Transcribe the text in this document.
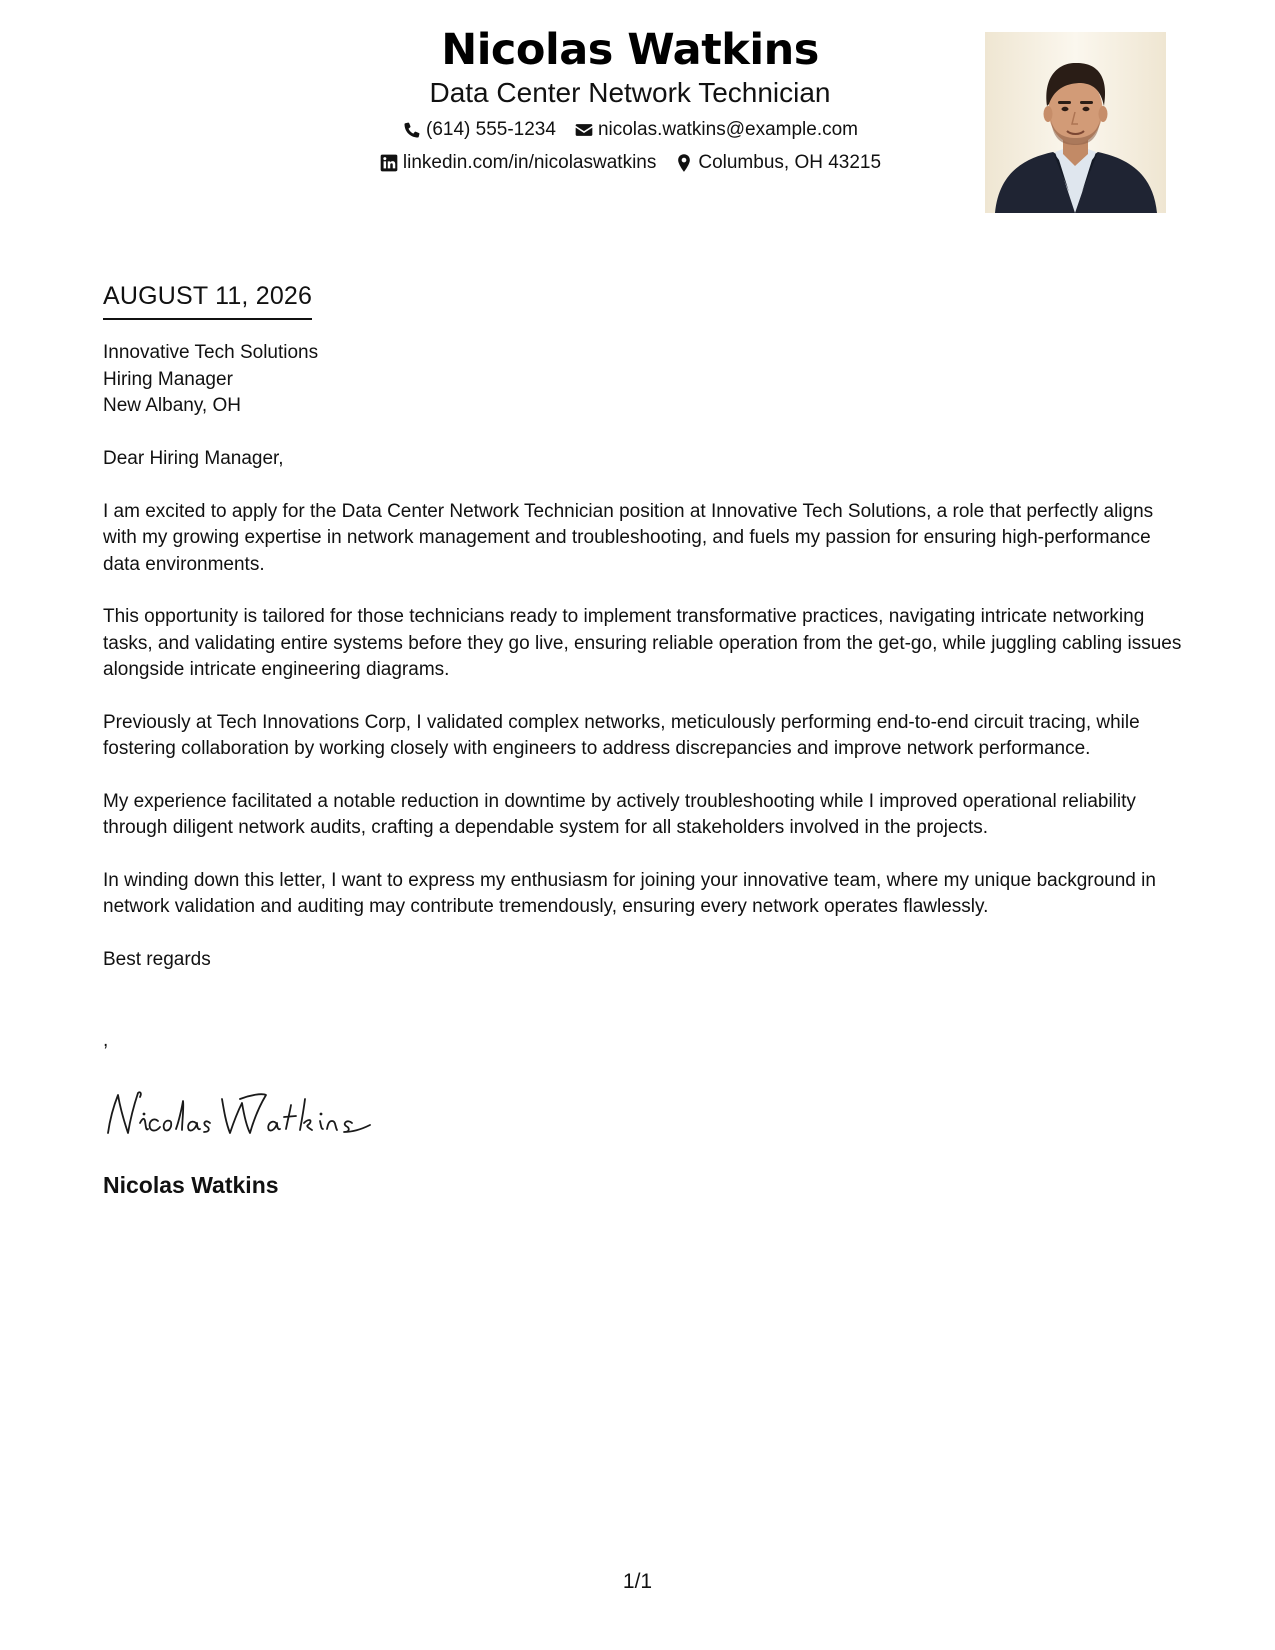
Nicolas Watkins
Data Center Network Technician
(614) 555-1234 nicolas.watkins@example.com
linkedin.com/in/nicolaswatkins Columbus, OH 43215
AUGUST 11, 2026
Innovative Tech Solutions
Hiring Manager
New Albany, OH

Dear Hiring Manager,

I am excited to apply for the Data Center Network Technician position at Innovative Tech Solutions, a role that perfectly aligns with my growing expertise in network management and troubleshooting, and fuels my passion for ensuring high-performance data environments.

This opportunity is tailored for those technicians ready to implement transformative practices, navigating intricate networking tasks, and validating entire systems before they go live, ensuring reliable operation from the get-go, while juggling cabling issues alongside intricate engineering diagrams.

Previously at Tech Innovations Corp, I validated complex networks, meticulously performing end-to-end circuit tracing, while fostering collaboration by working closely with engineers to address discrepancies and improve network performance.

My experience facilitated a notable reduction in downtime by actively troubleshooting while I improved operational reliability through diligent network audits, crafting a dependable system for all stakeholders involved in the projects.

In winding down this letter, I want to express my enthusiasm for joining your innovative team, where my unique background in network validation and auditing may contribute tremendously, ensuring every network operates flawlessly.

Best regards

,
Nicolas Watkins
1/1
